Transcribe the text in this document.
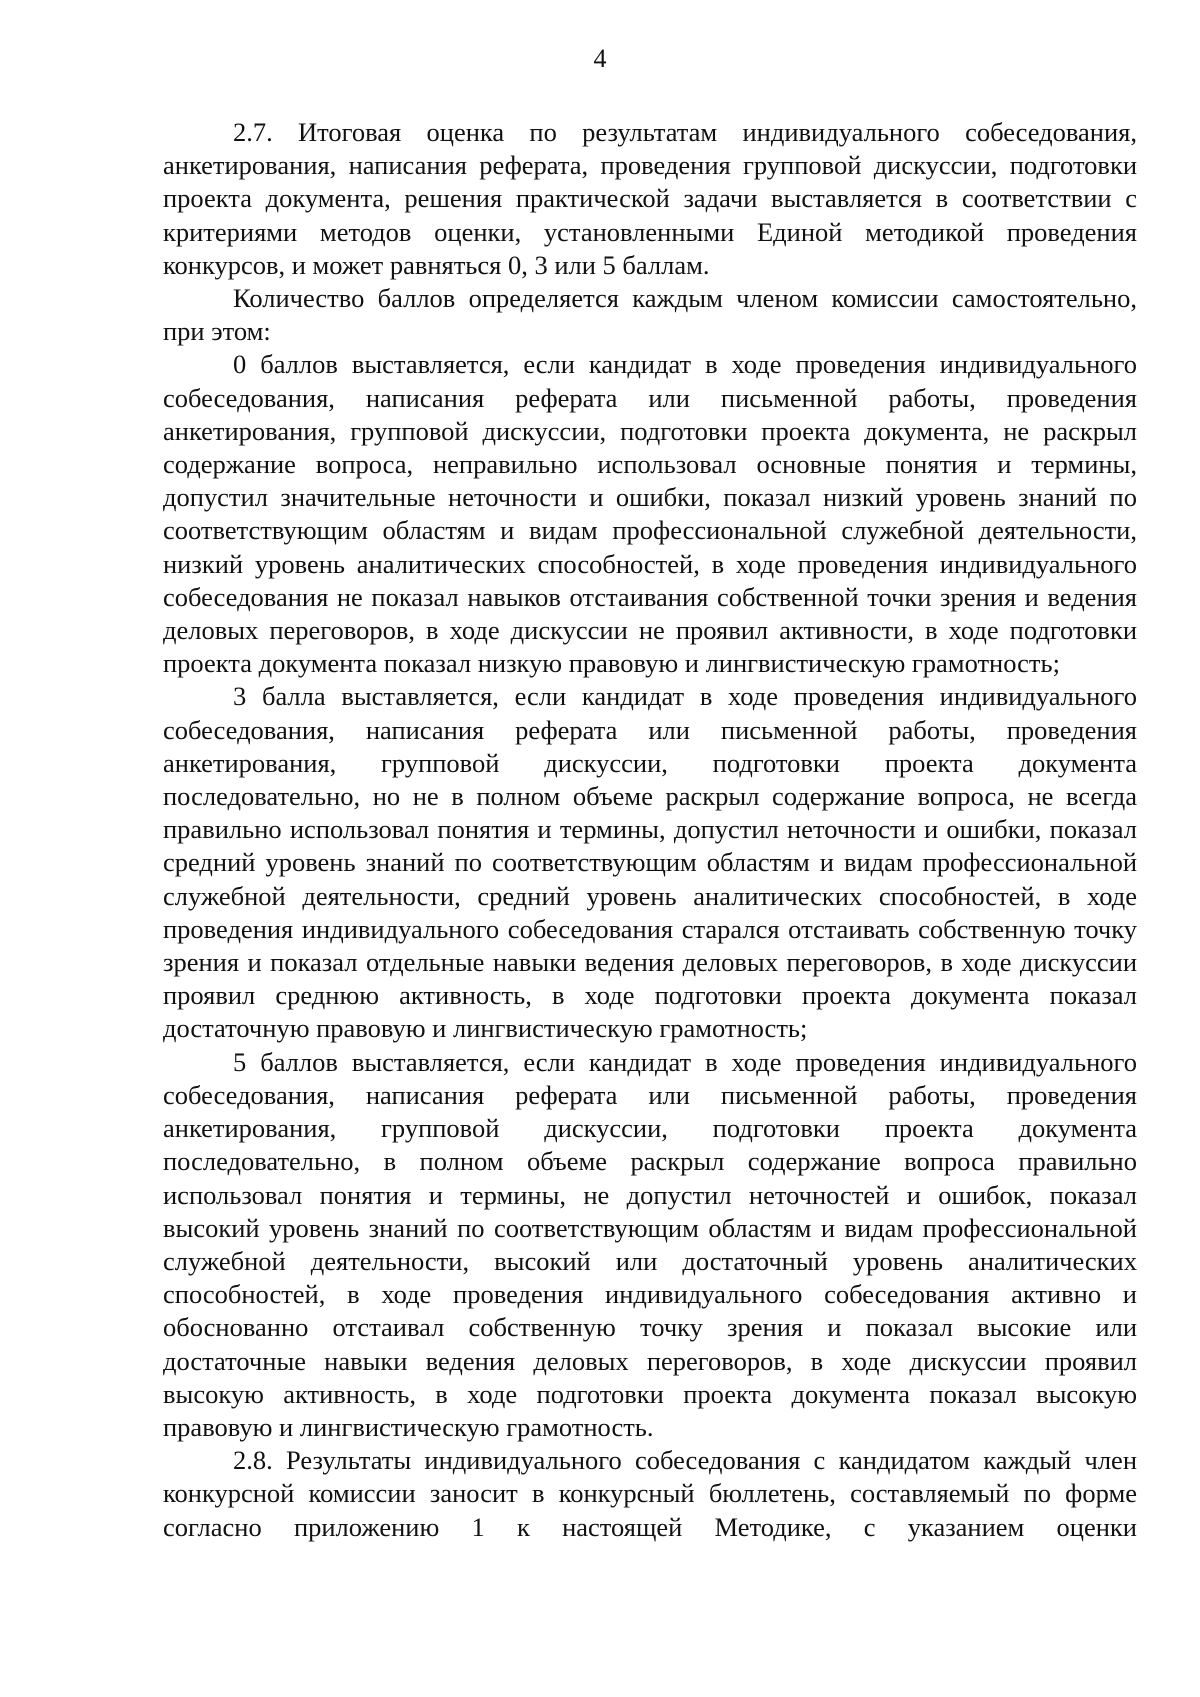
4

2.7. Итоговая оценка по результатам индивидуального собеседования, анкетирования, написания реферата, проведения групповой дискуссии, подготовки проекта документа, решения практической задачи выставляется в соответствии с критериями методов оценки, установленными Единой методикой проведения конкурсов, и может равняться 0, 3 или 5 баллам.

Количество баллов определяется каждым членом комиссии самостоятельно, при этом:

0 баллов выставляется, если кандидат в ходе проведения индивидуального собеседования, написания реферата или письменной работы, проведения анкетирования, групповой дискуссии, подготовки проекта документа, не раскрыл содержание вопроса, неправильно использовал основные понятия и термины, допустил значительные неточности и ошибки, показал низкий уровень знаний по соответствующим областям и видам профессиональной служебной деятельности, низкий уровень аналитических способностей, в ходе проведения индивидуального собеседования не показал навыков отстаивания собственной точки зрения и ведения деловых переговоров, в ходе дискуссии не проявил активности, в ходе подготовки проекта документа показал низкую правовую и лингвистическую грамотность;

3 балла выставляется, если кандидат в ходе проведения индивидуального собеседования, написания реферата или письменной работы, проведения анкетирования, групповой дискуссии, подготовки проекта документа последовательно, но не в полном объеме раскрыл содержание вопроса, не всегда правильно использовал понятия и термины, допустил неточности и ошибки, показал средний уровень знаний по соответствующим областям и видам профессиональной служебной деятельности, средний уровень аналитических способностей, в ходе проведения индивидуального собеседования старался отстаивать собственную точку зрения и показал отдельные навыки ведения деловых переговоров, в ходе дискуссии проявил среднюю активность, в ходе подготовки проекта документа показал достаточную правовую и лингвистическую грамотность;

5 баллов выставляется, если кандидат в ходе проведения индивидуального собеседования, написания реферата или письменной работы, проведения анкетирования, групповой дискуссии, подготовки проекта документа последовательно, в полном объеме раскрыл содержание вопроса правильно использовал понятия и термины, не допустил неточностей и ошибок, показал высокий уровень знаний по соответствующим областям и видам профессиональной служебной деятельности, высокий или достаточный уровень аналитических способностей, в ходе проведения индивидуального собеседования активно и обоснованно отстаивал собственную точку зрения и показал высокие или достаточные навыки ведения деловых переговоров, в ходе дискуссии проявил высокую активность, в ходе подготовки проекта документа показал высокую правовую и лингвистическую грамотность.

2.8. Результаты индивидуального собеседования с кандидатом каждый член конкурсной комиссии заносит в конкурсный бюллетень, составляемый по форме согласно приложению 1 к настоящей Методике, с указанием оценки
